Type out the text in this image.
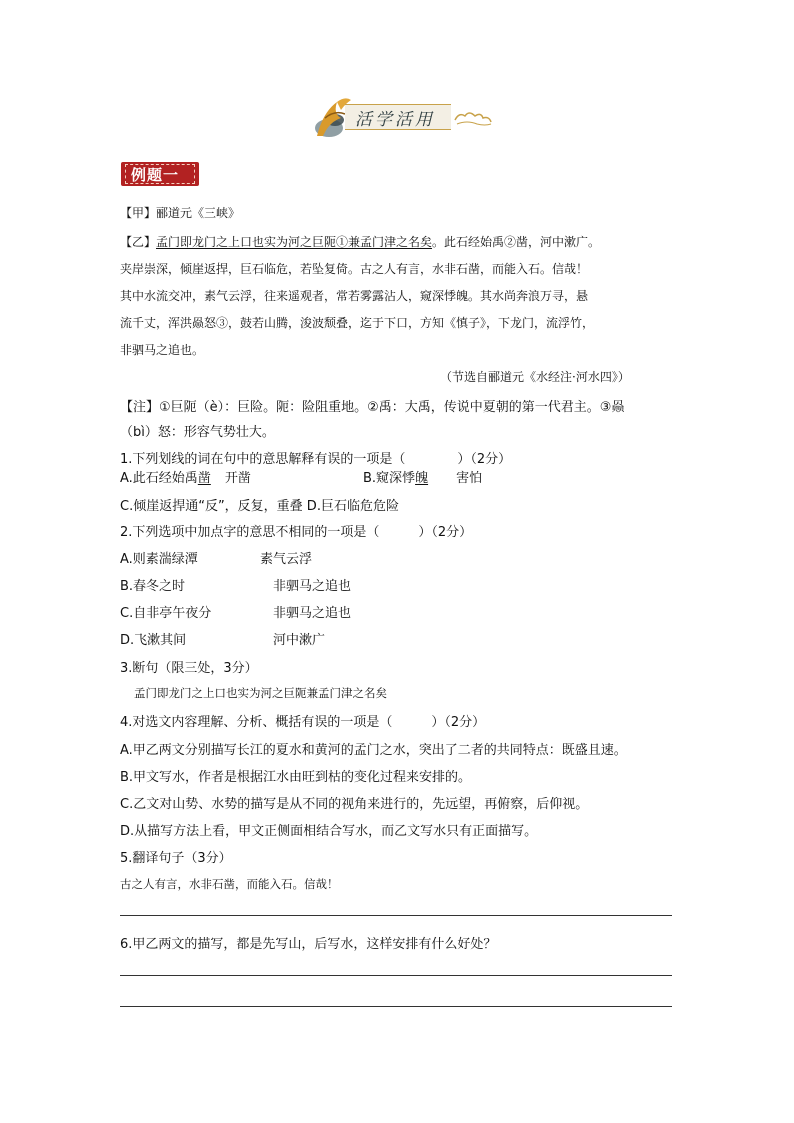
活学活用
例题一
【甲】郦道元《三峡》
【乙】孟门即龙门之上口也实为河之巨阨①兼孟门津之名矣。此石经始禹②凿，河中漱广。
夹岸崇深，倾崖返捍，巨石临危，若坠复倚。古之人有言，水非石凿，而能入石。信哉！
其中水流交冲，素气云浮，往来遥观者，常若雾露沾人，窥深悸魄。其水尚奔浪万寻，悬
流千丈，浑洪赑怒③，鼓若山腾，浚波颓叠，迄于下口，方知《慎子》，下龙门，流浮竹，
非驷马之追也。
（节选自郦道元《水经注·河水四》）
【注】①巨阨（è）：巨险。阨：险阻重地。②禹：大禹，传说中夏朝的第一代君主。③赑
（bì）怒：形容气势壮大。
1.下列划线的词在句中的意思解释有误的一项是（　　　　）（2分）
A.此石经始禹凿 开凿	B.窥深悸魄 害怕
C.倾崖返捍通“反”，反复，重叠 D.巨石临危危险
2.下列选项中加点字的意思不相同的一项是（　　　）（2分）
A.则素湍绿潭	素气云浮
B.春冬之时	非驷马之追也
C.自非亭午夜分	非驷马之追也
D.飞漱其间	河中漱广
3.断句（限三处，3分）
孟门即龙门之上口也实为河之巨阨兼孟门津之名矣
4.对选文内容理解、分析、概括有误的一项是（　　　）（2分）
A.甲乙两文分别描写长江的夏水和黄河的孟门之水，突出了二者的共同特点：既盛且速。
B.甲文写水，作者是根据江水由旺到枯的变化过程来安排的。
C.乙文对山势、水势的描写是从不同的视角来进行的，先远望，再俯察，后仰视。
D.从描写方法上看，甲文正侧面相结合写水，而乙文写水只有正面描写。
5.翻译句子（3分）
古之人有言，水非石凿，而能入石。信哉！
6.甲乙两文的描写，都是先写山，后写水，这样安排有什么好处？
